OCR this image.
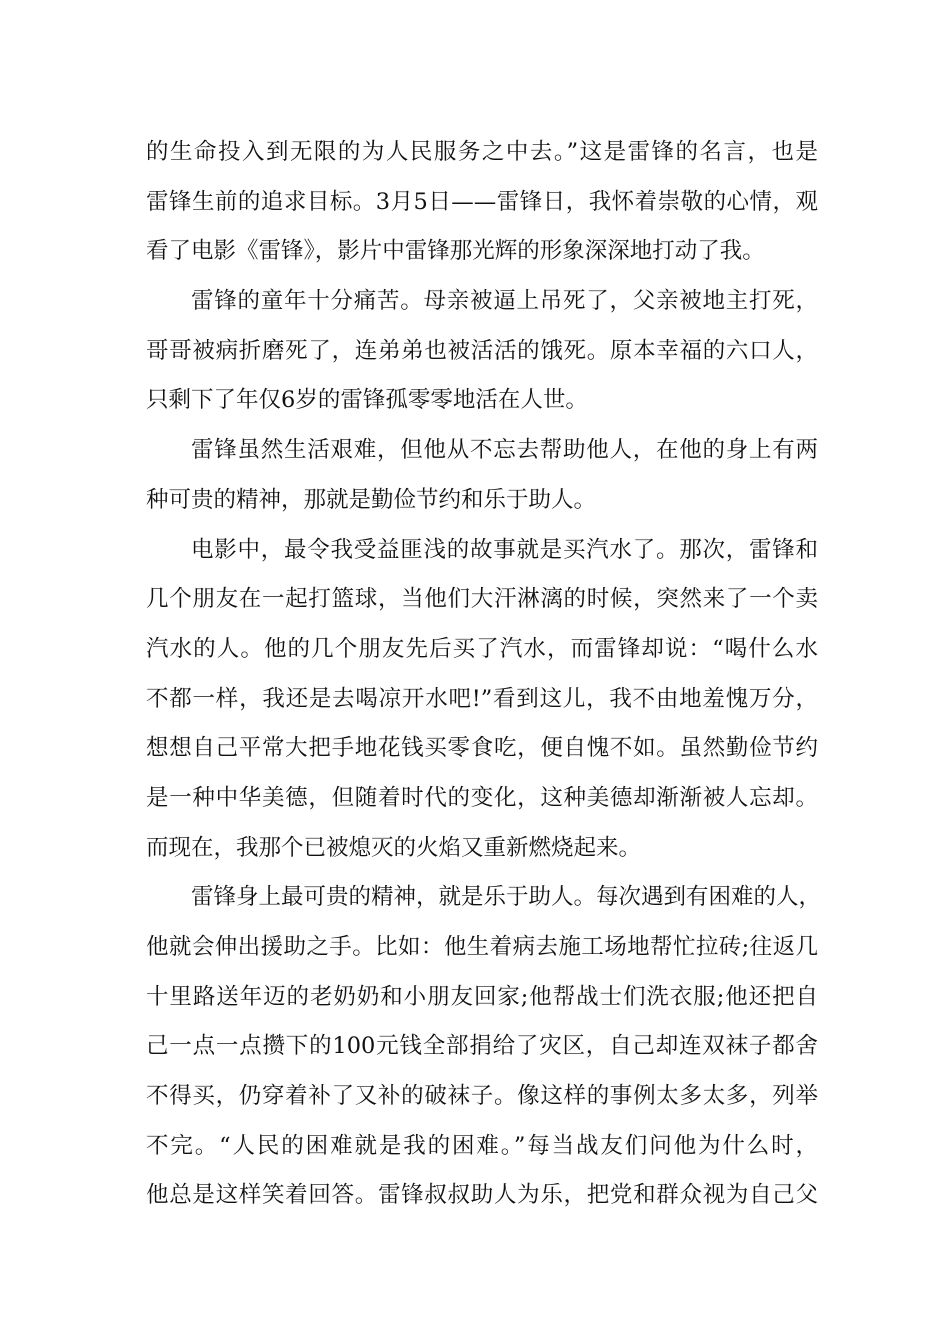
的生命投入到无限的为人民服务之中去。”这是雷锋的名言，也是
雷锋生前的追求目标。3月5日——雷锋日，我怀着崇敬的心情，观
看了电影《雷锋》，影片中雷锋那光辉的形象深深地打动了我。
雷锋的童年十分痛苦。母亲被逼上吊死了，父亲被地主打死，
哥哥被病折磨死了，连弟弟也被活活的饿死。原本幸福的六口人，
只剩下了年仅6岁的雷锋孤零零地活在人世。
雷锋虽然生活艰难，但他从不忘去帮助他人，在他的身上有两
种可贵的精神，那就是勤俭节约和乐于助人。
电影中，最令我受益匪浅的故事就是买汽水了。那次，雷锋和
几个朋友在一起打篮球，当他们大汗淋漓的时候，突然来了一个卖
汽水的人。他的几个朋友先后买了汽水，而雷锋却说：“喝什么水
不都一样，我还是去喝凉开水吧!”看到这儿，我不由地羞愧万分，
想想自己平常大把手地花钱买零食吃，便自愧不如。虽然勤俭节约
是一种中华美德，但随着时代的变化，这种美德却渐渐被人忘却。
而现在，我那个已被熄灭的火焰又重新燃烧起来。
雷锋身上最可贵的精神，就是乐于助人。每次遇到有困难的人，
他就会伸出援助之手。比如：他生着病去施工场地帮忙拉砖;往返几
十里路送年迈的老奶奶和小朋友回家;他帮战士们洗衣服;他还把自
己一点一点攒下的100元钱全部捐给了灾区，自己却连双袜子都舍
不得买，仍穿着补了又补的破袜子。像这样的事例太多太多，列举
不完。“人民的困难就是我的困难。”每当战友们问他为什么时，
他总是这样笑着回答。雷锋叔叔助人为乐，把党和群众视为自己父
